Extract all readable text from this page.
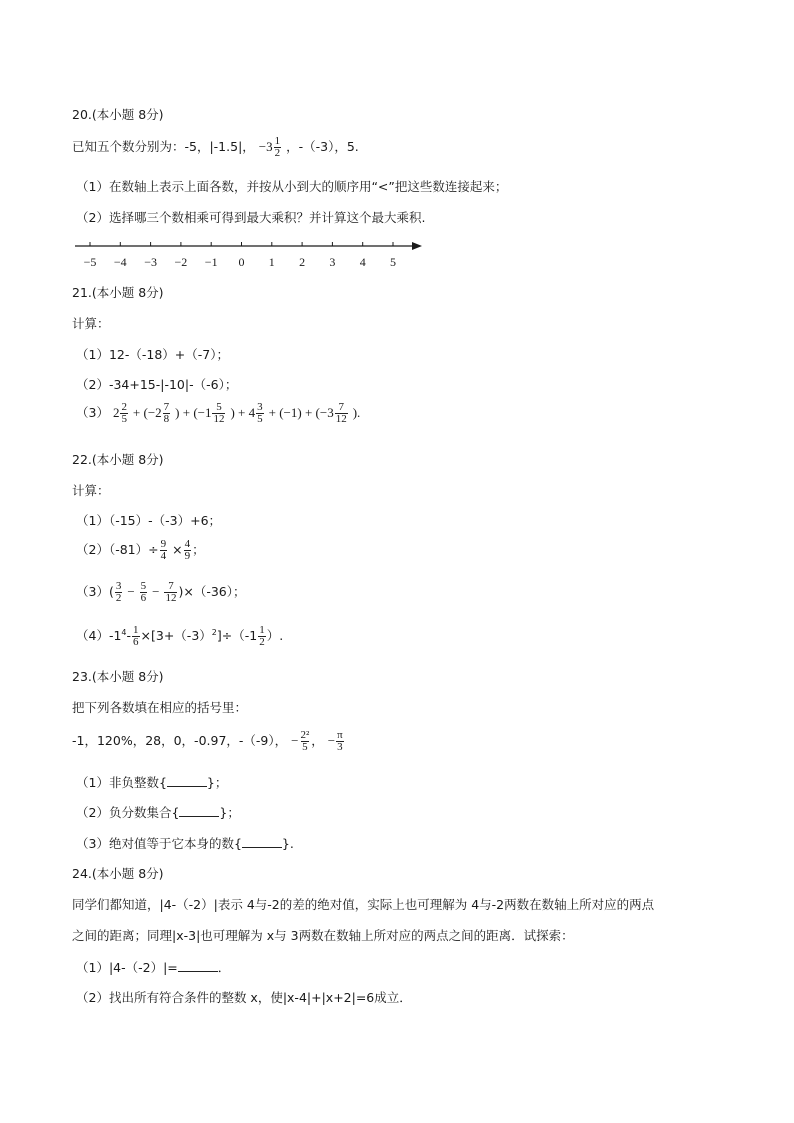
20.(本小题 8分)
已知五个数分别为：-5，|-1.5|， $-3 \frac{1}{2}$ ，-（-3），5.
（1）在数轴上表示上面各数，并按从小到大的顺序用“<”把这些数连接起来；
（2）选择哪三个数相乘可得到最大乘积？并计算这个最大乘积.
−5 −4 −3 −2 −1 0 1 2 3 4 5
21.(本小题 8分)
计算：
（1）12-（-18）+（-7）；
（2）-34+15-|-10|-（-6）；
（3） $2 \frac{2}{5} + (-2 \frac{7}{8}$ ) + ($-1 \frac{5}{12}$ ) + $4 \frac{3}{5} + (-1) + (-3 \frac{7}{12}$ ).
22.(本小题 8分)
计算：
（1）（-15）-（-3）+6；
$(2)(-81)\div \frac{9}{4} \times \frac{4}{9}$ ；
$(3)( \frac{3}{2} - \frac{5}{6} - \frac{7}{12} )\times(-36)$；
$(4)-1^4- \frac{1}{6} \times[3+(-3)^2]\div(-1 \frac{1}{2}$ ）.
23.(本小题 8分)
把下列各数填在相应的括号里：
-1，120%，28，0，-0.97，-（-9）， − $\frac{\text{2²}}{5}$ ， − $\frac{\pi}{3}$
（1）非负整数{	}；
（2）负分数集合{	}；
（3）绝对值等于它本身的数{	}.
24.(本小题 8分)
同学们都知道，|4-（-2）|表示 4与-2的差的绝对值，实际上也可理解为 4与-2两数在数轴上所对应的两点
之间的距离；同理|x-3|也可理解为 x与 3两数在数轴上所对应的两点之间的距离．试探索：
（1）|4-（-2）|=	．
（2）找出所有符合条件的整数 x，使|x-4|+|x+2|=6成立．
